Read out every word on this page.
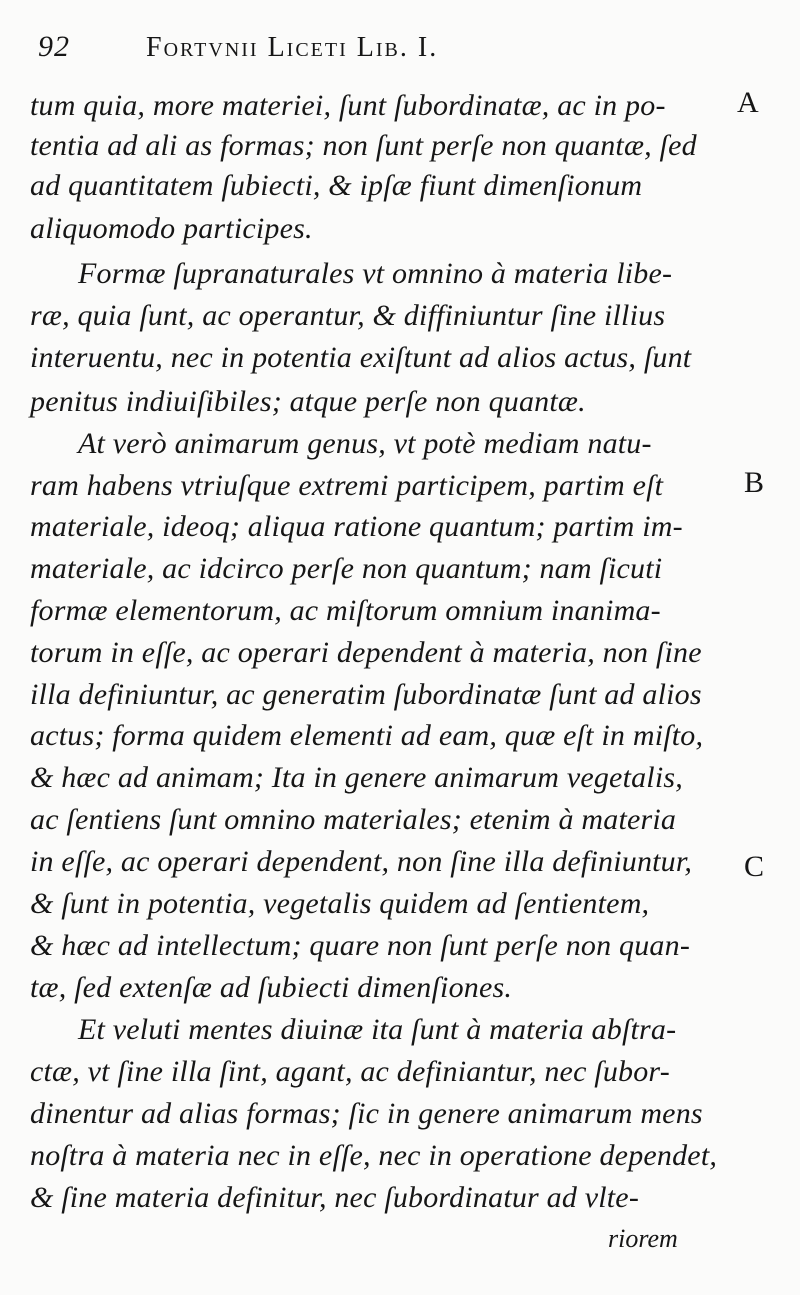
92	Fortvnii Liceti Lib. I.
A
B
C
tum quia, more materiei, ſunt ſubordinatæ, ac in po-
tentia ad ali as formas; non ſunt perſe non quantæ, ſed
ad quantitatem ſubiecti, & ipſæ fiunt dimenſionum
aliquomodo participes.
Formæ ſupranaturales vt omnino à materia libe-
ræ, quia ſunt, ac operantur, & diffiniuntur ſine illius
interuentu, nec in potentia exiſtunt ad alios actus, ſunt
penitus indiuiſibiles; atque perſe non quantæ.
At verò animarum genus, vt potè mediam natu-
ram habens vtriuſque extremi participem, partim eſt
materiale, ideoq; aliqua ratione quantum; partim im-
materiale, ac idcirco perſe non quantum; nam ſicuti
formæ elementorum, ac miſtorum omnium inanima-
torum in eſſe, ac operari dependent à materia, non ſine
illa definiuntur, ac generatim ſubordinatæ ſunt ad alios
actus; forma quidem elementi ad eam, quæ eſt in miſto,
& hæc ad animam; Ita in genere animarum vegetalis,
ac ſentiens ſunt omnino materiales; etenim à materia
in eſſe, ac operari dependent, non ſine illa definiuntur,
& ſunt in potentia, vegetalis quidem ad ſentientem,
& hæc ad intellectum; quare non ſunt perſe non quan-
tæ, ſed extenſæ ad ſubiecti dimenſiones.
Et veluti mentes diuinæ ita ſunt à materia abſtra-
ctæ, vt ſine illa ſint, agant, ac definiantur, nec ſubor-
dinentur ad alias formas; ſic in genere animarum mens
noſtra à materia nec in eſſe, nec in operatione dependet,
& ſine materia definitur, nec ſubordinatur ad vlte-
riorem
